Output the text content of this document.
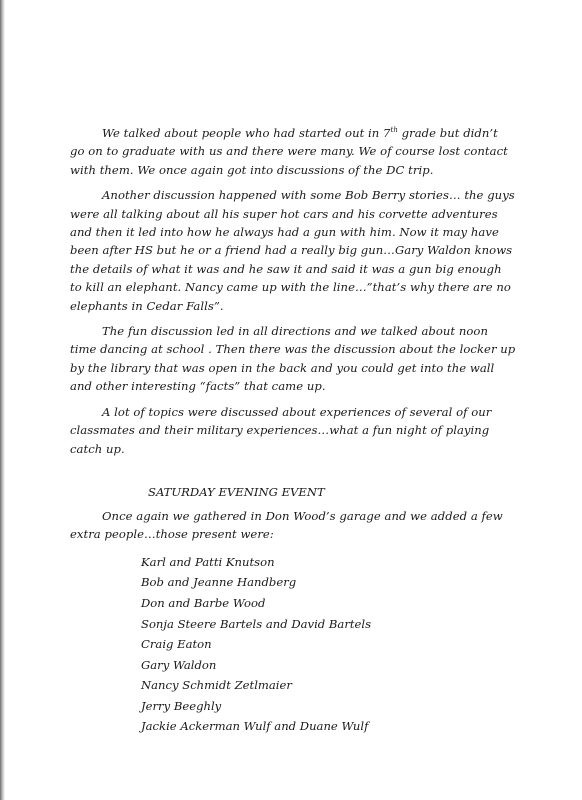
We talked about people who had started out in 7th grade but didn’t go on to graduate with us and there were many. We of course lost contact with them. We once again got into discussions of the DC trip.

Another discussion happened with some Bob Berry stories… the guys were all talking about all his super hot cars and his corvette adventures and then it led into how he always had a gun with him. Now it may have been after HS but he or a friend had a really big gun…Gary Waldon knows the details of what it was and he saw it and said it was a gun big enough to kill an elephant. Nancy came up with the line…”that’s why there are no elephants in Cedar Falls”.

The fun discussion led in all directions and we talked about noon time dancing at school . Then there was the discussion about the locker up by the library that was open in the back and you could get into the wall and other interesting “facts” that came up.

A lot of topics were discussed about experiences of several of our classmates and their military experiences…what a fun night of playing catch up.

SATURDAY EVENING EVENT

Once again we gathered in Don Wood’s garage and we added a few extra people…those present were:

Karl and Patti Knutson
Bob and Jeanne Handberg
Don and Barbe Wood
Sonja Steere Bartels and David Bartels
Craig Eaton
Gary Waldon
Nancy Schmidt Zetlmaier
Jerry Beeghly
Jackie Ackerman Wulf and Duane Wulf
